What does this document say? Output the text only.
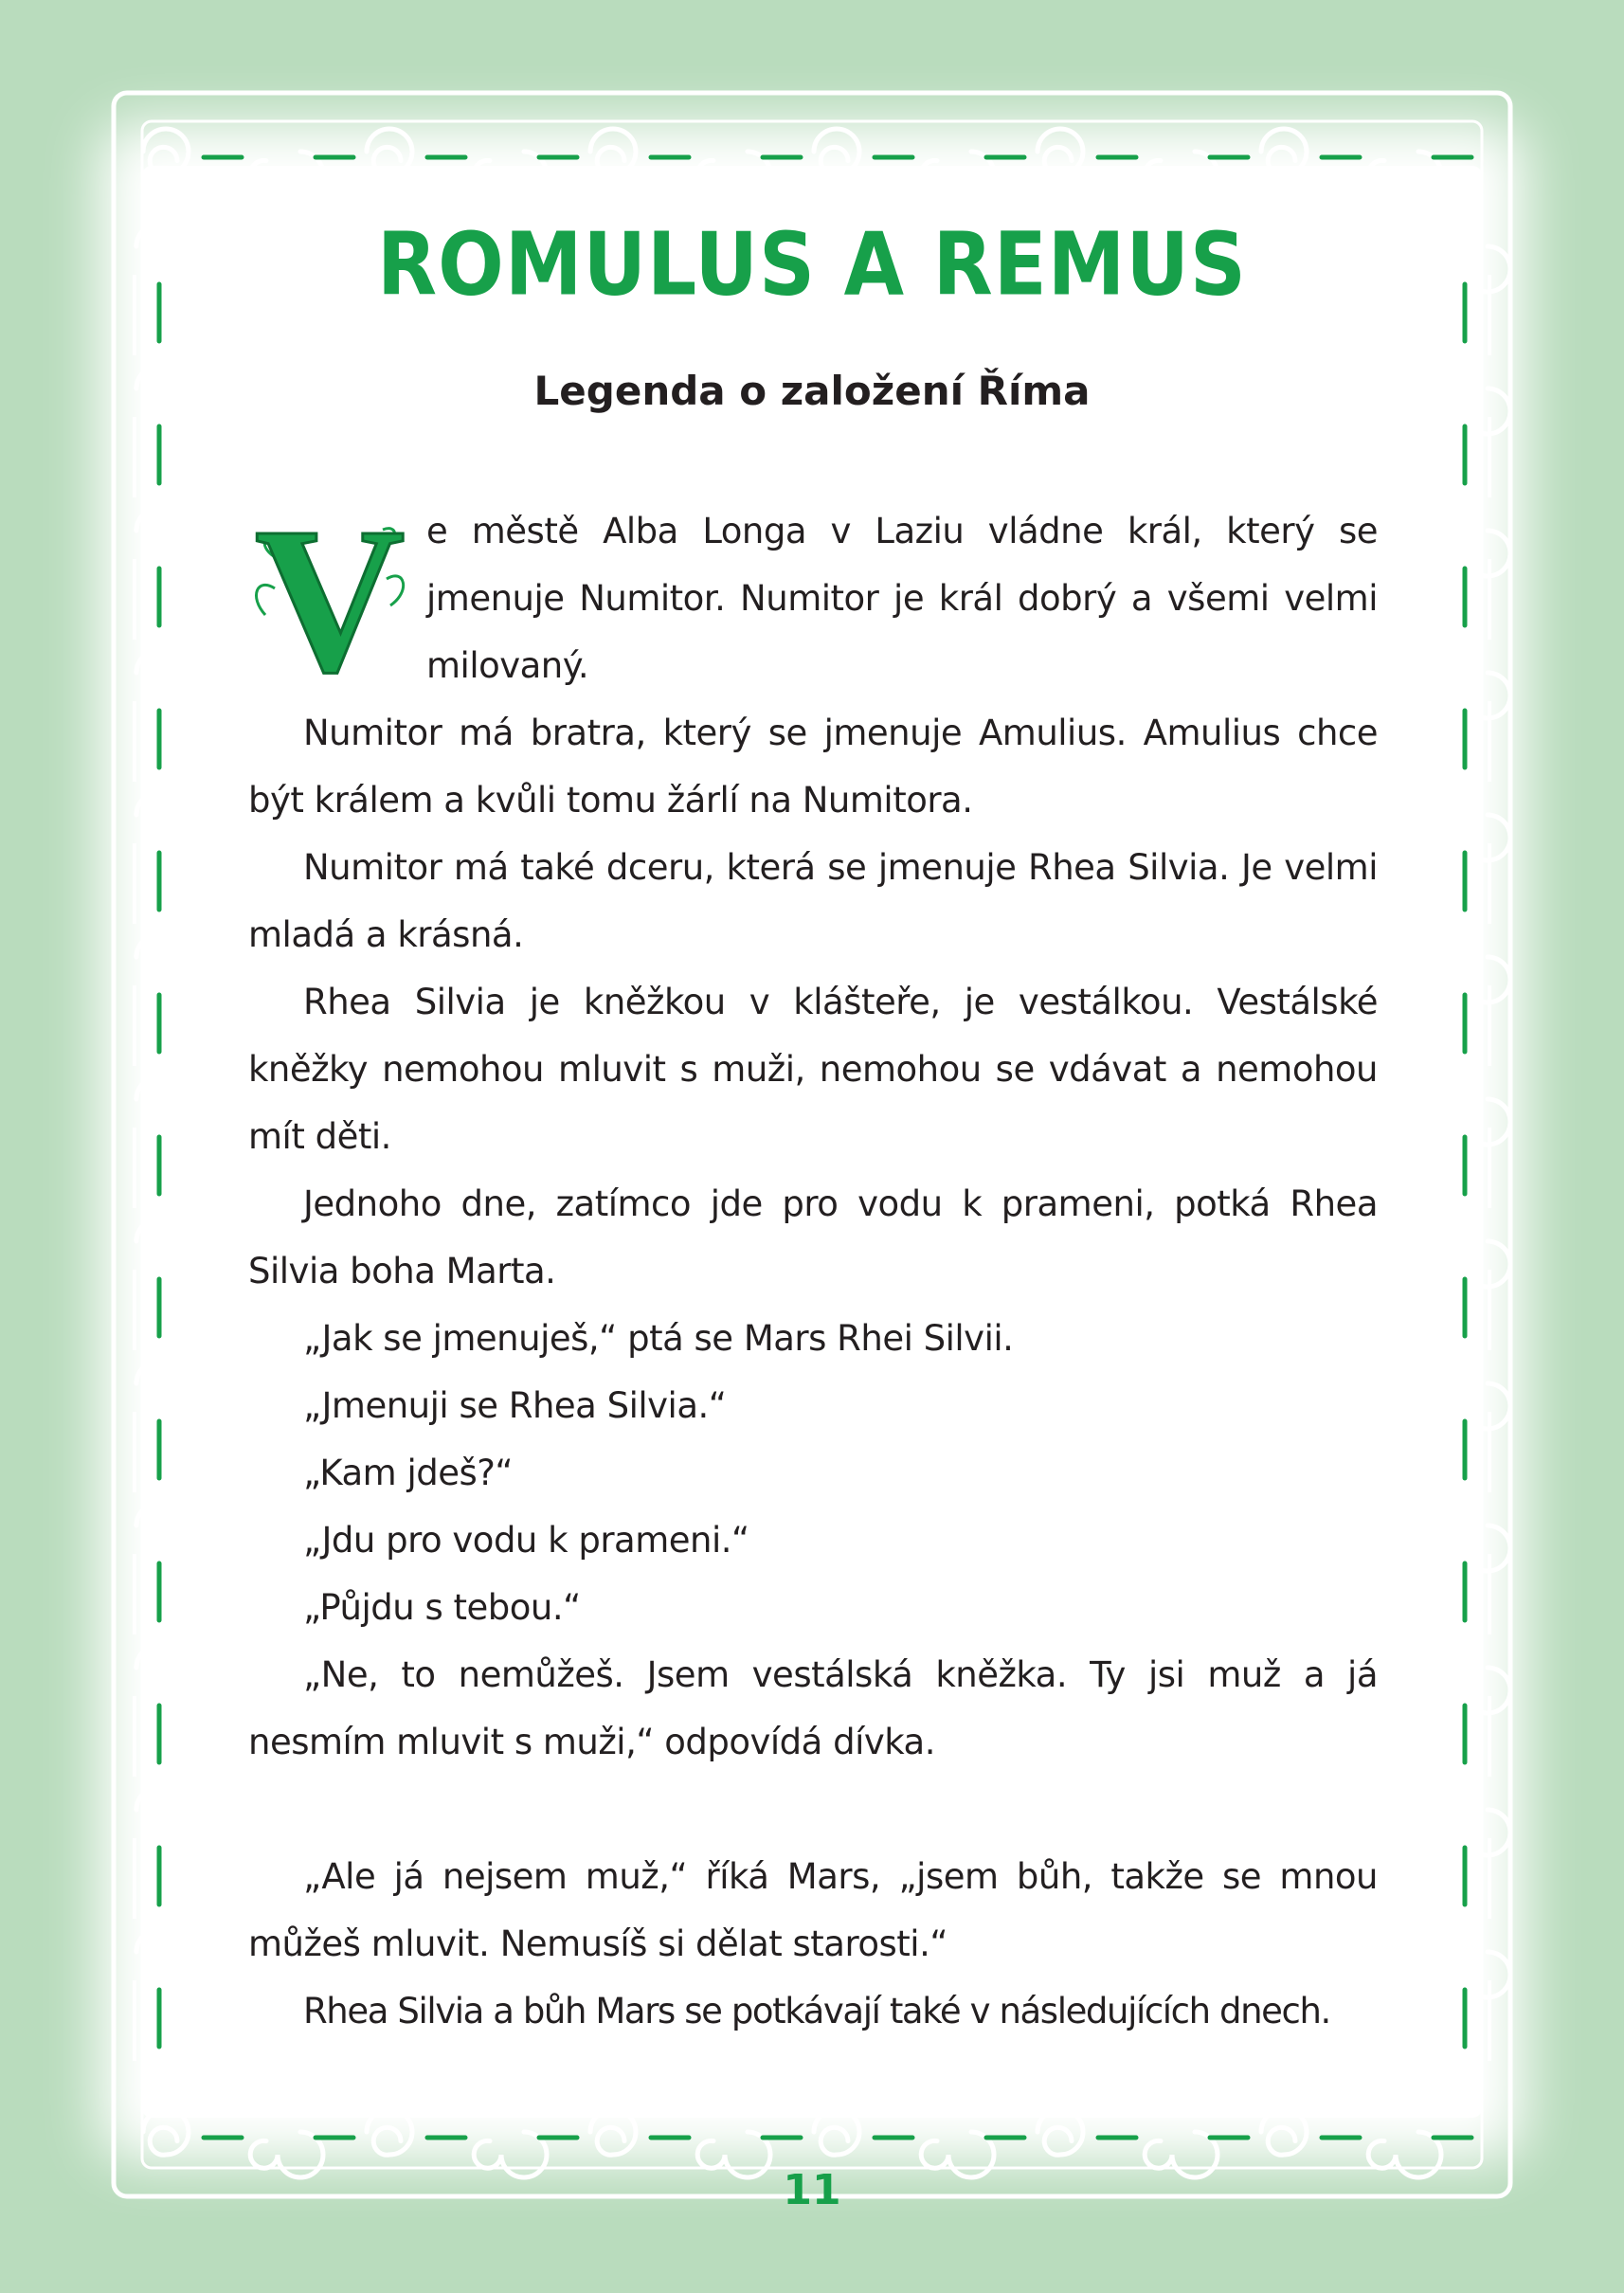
ROMULUS A REMUS
Legenda o založení Říma

V e městě Alba Longa v Laziu vládne král, který se jmenuje Numitor. Numitor je král dobrý a všemi velmi milovaný.

Numitor má bratra, který se jmenuje Amulius. Amulius chce být králem a kvůli tomu žárlí na Numitora.

Numitor má také dceru, která se jmenuje Rhea Silvia. Je velmi mladá a krásná.

Rhea Silvia je kněžkou v klášteře, je vestálkou. Vestálské kněžky nemohou mluvit s muži, nemohou se vdávat a nemohou mít děti.

Jednoho dne, zatímco jde pro vodu k prameni, potká Rhea Silvia boha Marta.

„Jak se jmenuješ,“ ptá se Mars Rhei Silvii.

„Jmenuji se Rhea Silvia.“

„Kam jdeš?“

„Jdu pro vodu k prameni.“

„Půjdu s tebou.“

„Ne, to nemůžeš. Jsem vestálská kněžka. Ty jsi muž a já nesmím mluvit s muži,“ odpovídá dívka.

„Ale já nejsem muž,“ říká Mars, „jsem bůh, takže se mnou můžeš mluvit. Nemusíš si dělat starosti.“

Rhea Silvia a bůh Mars se potkávají také v následujících dnech.

11
